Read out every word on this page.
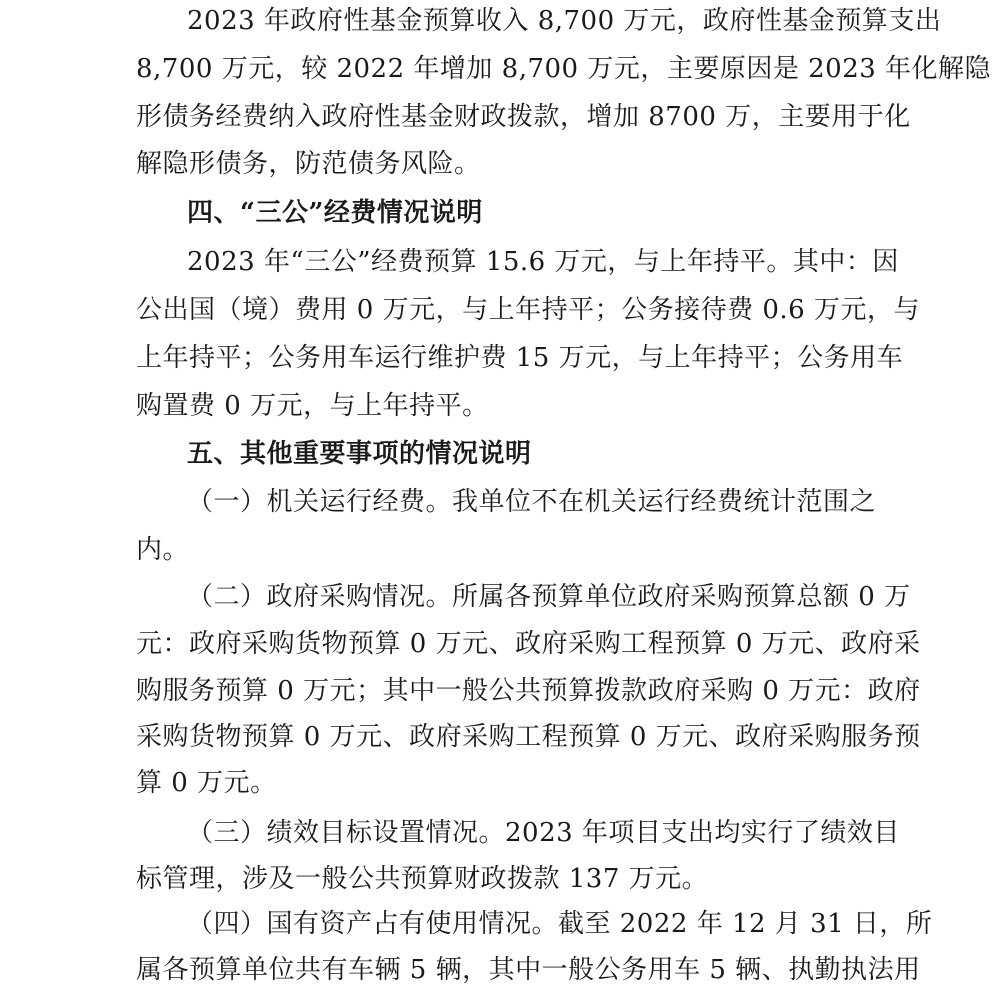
2023 年政府性基金预算收入 8,700 万元，政府性基金预算支出
8,700 万元，较 2022 年增加 8,700 万元，主要原因是 2023 年化解隐
形债务经费纳入政府性基金财政拨款，增加 8700 万，主要用于化
解隐形债务，防范债务风险。
四、“三公”经费情况说明
2023 年“三公”经费预算 15.6 万元，与上年持平。其中：因
公出国（境）费用 0 万元，与上年持平；公务接待费 0.6 万元，与
上年持平；公务用车运行维护费 15 万元，与上年持平；公务用车
购置费 0 万元，与上年持平。
五、其他重要事项的情况说明
（一）机关运行经费。我单位不在机关运行经费统计范围之
内。
（二）政府采购情况。所属各预算单位政府采购预算总额 0 万
元：政府采购货物预算 0 万元、政府采购工程预算 0 万元、政府采
购服务预算 0 万元；其中一般公共预算拨款政府采购 0 万元：政府
采购货物预算 0 万元、政府采购工程预算 0 万元、政府采购服务预
算 0 万元。
（三）绩效目标设置情况。2023 年项目支出均实行了绩效目
标管理，涉及一般公共预算财政拨款 137 万元。
（四）国有资产占有使用情况。截至 2022 年 12 月 31 日，所
属各预算单位共有车辆 5 辆，其中一般公务用车 5 辆、执勤执法用
